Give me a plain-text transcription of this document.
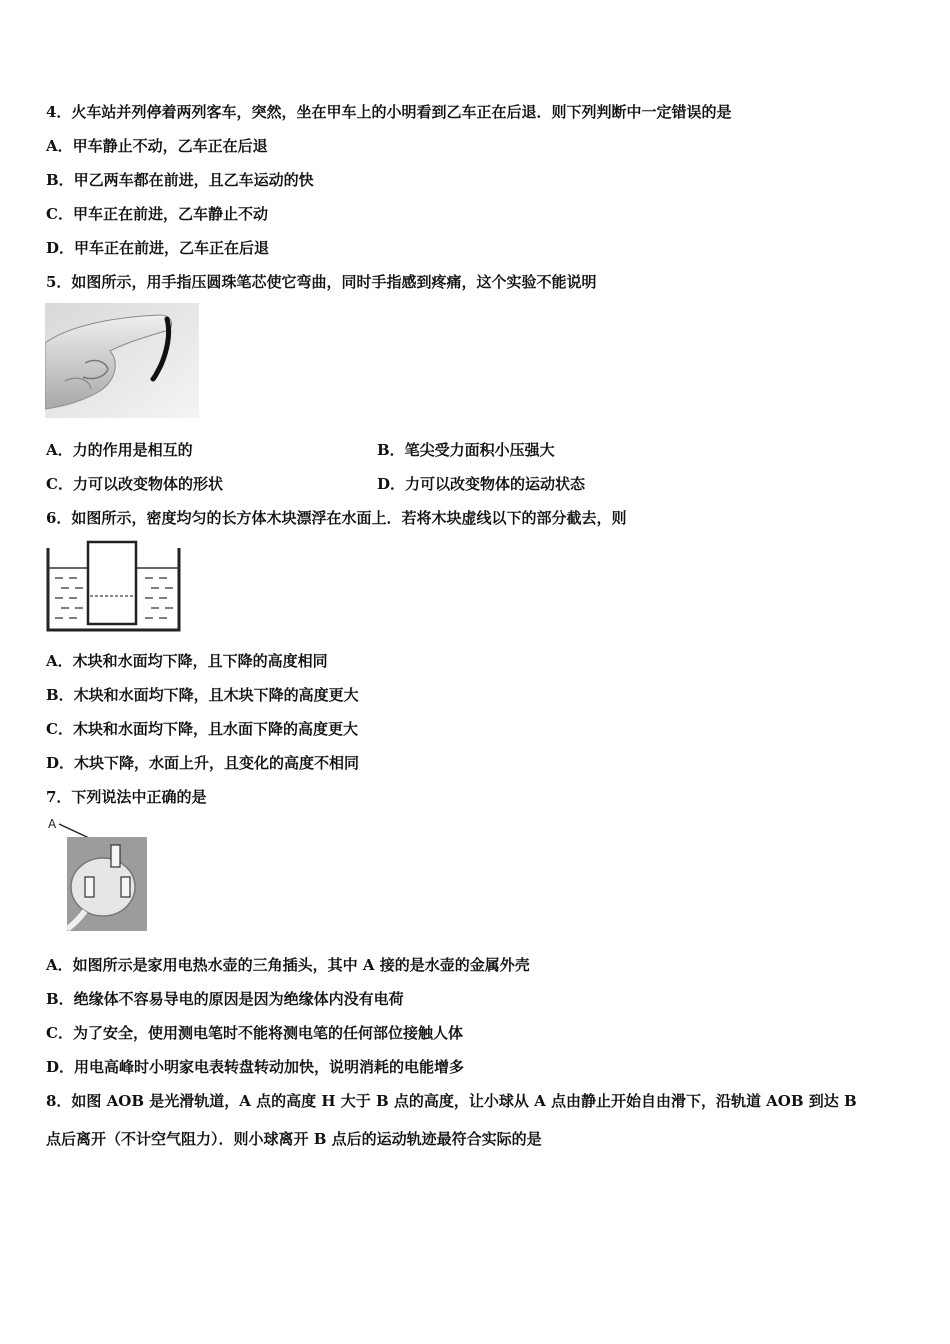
4．火车站并列停着两列客车，突然，坐在甲车上的小明看到乙车正在后退．则下列判断中一定错误的是
A．甲车静止不动，乙车正在后退
B．甲乙两车都在前进，且乙车运动的快
C．甲车正在前进，乙车静止不动
D．甲车正在前进，乙车正在后退
5．如图所示，用手指压圆珠笔芯使它弯曲，同时手指感到疼痛，这个实验不能说明
A．力的作用是相互的	B．笔尖受力面积小压强大
C．力可以改变物体的形状	D．力可以改变物体的运动状态
6．如图所示，密度均匀的长方体木块漂浮在水面上．若将木块虚线以下的部分截去，则
A．木块和水面均下降，且下降的高度相同
B．木块和水面均下降，且木块下降的高度更大
C．木块和水面均下降，且水面下降的高度更大
D．木块下降，水面上升，且变化的高度不相同
7．下列说法中正确的是
A
A．如图所示是家用电热水壶的三角插头，其中 A 接的是水壶的金属外壳
B．绝缘体不容易导电的原因是因为绝缘体内没有电荷
C．为了安全，使用测电笔时不能将测电笔的任何部位接触人体
D．用电高峰时小明家电表转盘转动加快，说明消耗的电能增多
8．如图 AOB 是光滑轨道，A 点的高度 H 大于 B 点的高度，让小球从 A 点由静止开始自由滑下，沿轨道 AOB 到达 B
点后离开（不计空气阻力）．则小球离开 B 点后的运动轨迹最符合实际的是
